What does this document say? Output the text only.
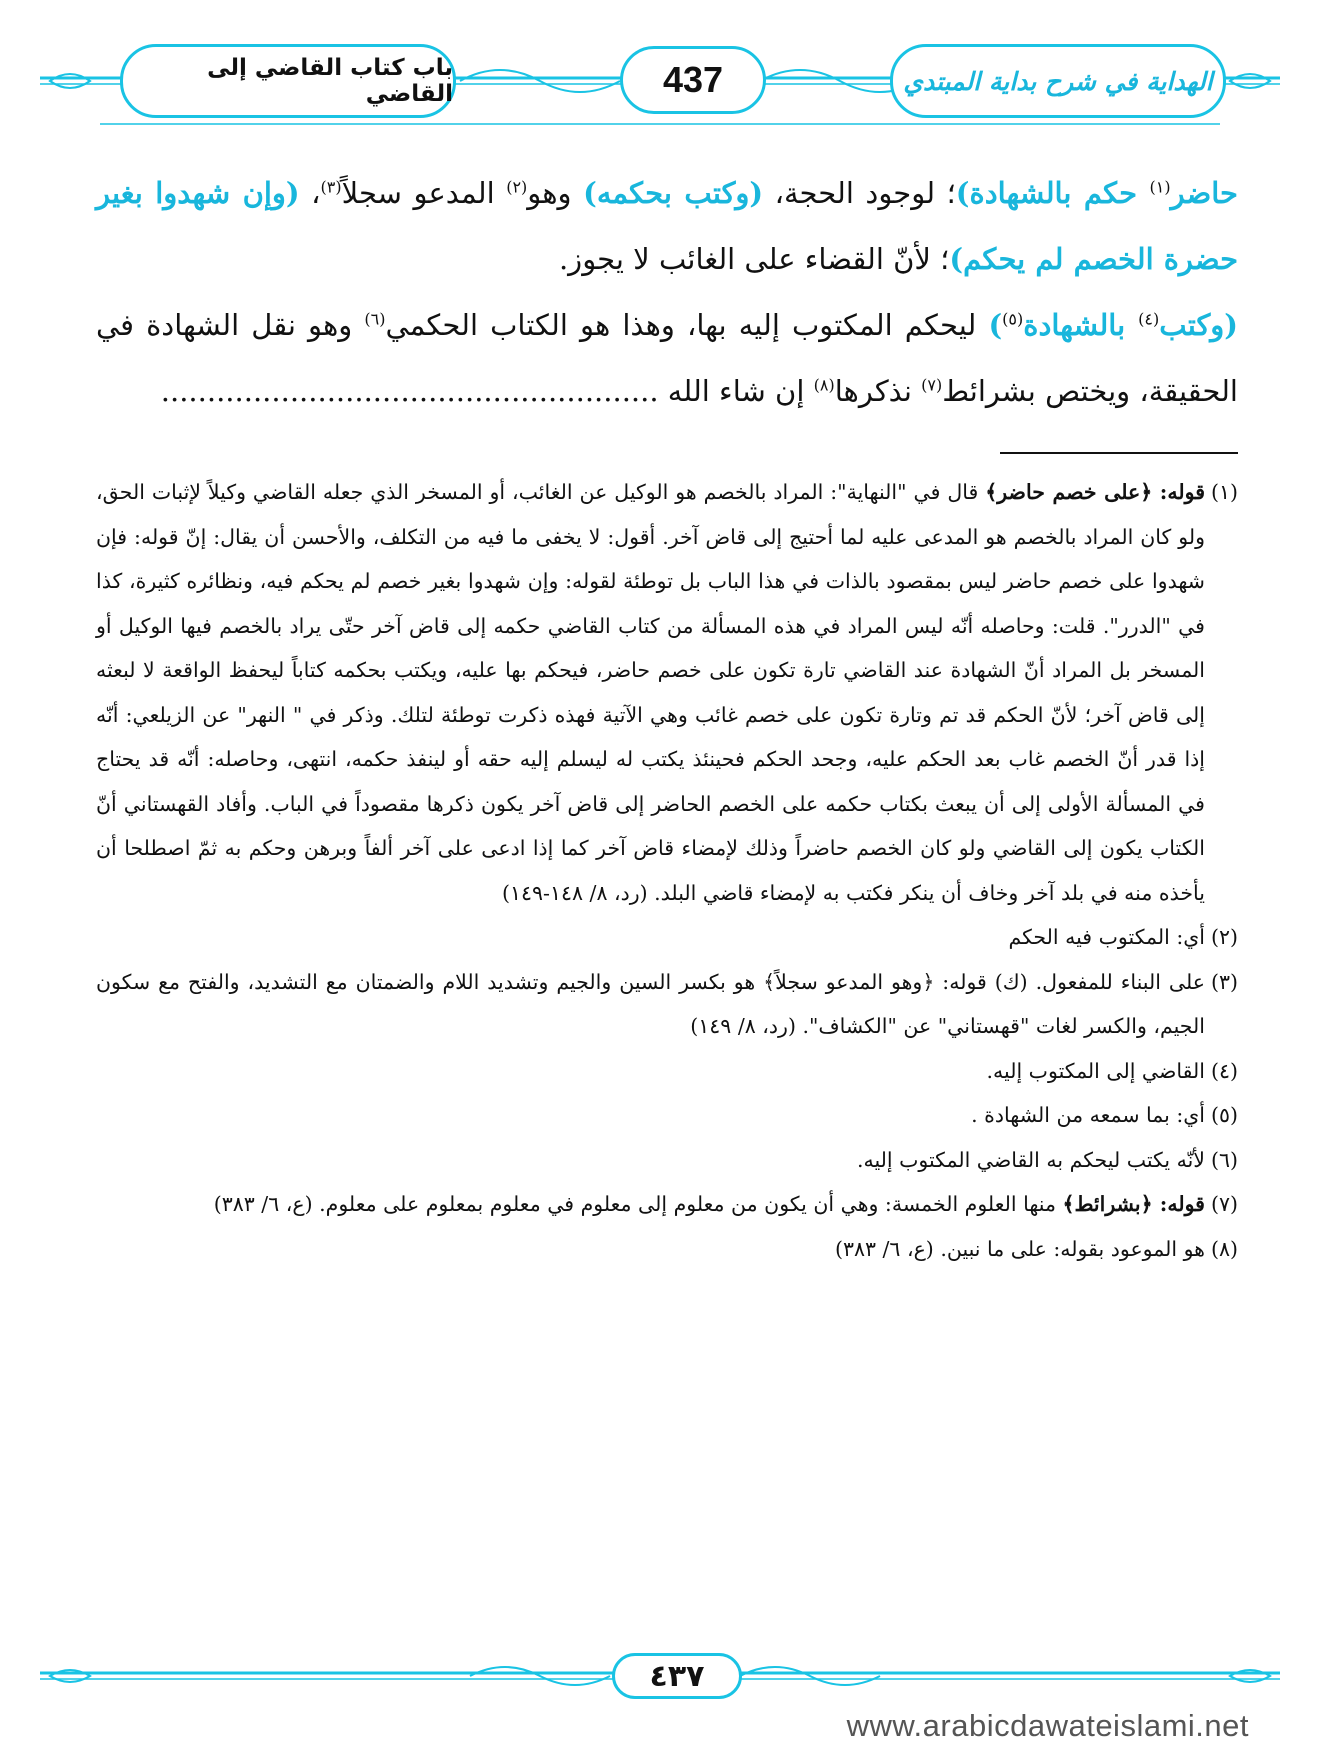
باب كتاب القاضي إلى القاضي	437	الهداية في شرح بداية المبتدي

حاضر$^{(١)}$ حكم بالشهادة)؛ لوجود الحجة، (وكتب بحكمه) وهو$^{(٢)}$ المدعو سجلاً$^{(٣)}$، (وإن شهدوا بغير حضرة الخصم لم يحكم)؛ لأنّ القضاء على الغائب لا يجوز.

(وكتب$^{(٤)}$ بالشهادة$^{(٥)}$) ليحكم المكتوب إليه بها، وهذا هو الكتاب الحكمي$^{(٦)}$ وهو نقل الشهادة في الحقيقة، ويختص بشرائط$^{(٧)}$ نذكرها$^{(٨)}$ إن شاء الله ......................................................

(١)
قوله: ﴿على خصم حاضر﴾ قال في "النهاية": المراد بالخصم هو الوكيل عن الغائب، أو المسخر الذي جعله القاضي وكيلاً لإثبات الحق، ولو كان المراد بالخصم هو المدعى عليه لما أحتيج إلى قاض آخر. أقول: لا يخفى ما فيه من التكلف، والأحسن أن يقال: إنّ قوله: فإن شهدوا على خصم حاضر ليس بمقصود بالذات في هذا الباب بل توطئة لقوله: وإن شهدوا بغير خصم لم يحكم فيه، ونظائره كثيرة، كذا في "الدرر". قلت: وحاصله أنّه ليس المراد في هذه المسألة من كتاب القاضي حكمه إلى قاض آخر حتّى يراد بالخصم فيها الوكيل أو المسخر بل المراد أنّ الشهادة عند القاضي تارة تكون على خصم حاضر، فيحكم بها عليه، ويكتب بحكمه كتاباً ليحفظ الواقعة لا لبعثه إلى قاض آخر؛ لأنّ الحكم قد تم وتارة تكون على خصم غائب وهي الآتية فهذه ذكرت توطئة لتلك. وذكر في " النهر" عن الزيلعي: أنّه إذا قدر أنّ الخصم غاب بعد الحكم عليه، وجحد الحكم فحينئذ يكتب له ليسلم إليه حقه أو لينفذ حكمه، انتهى، وحاصله: أنّه قد يحتاج في المسألة الأولى إلى أن يبعث بكتاب حكمه على الخصم الحاضر إلى قاض آخر يكون ذكرها مقصوداً في الباب. وأفاد القهستاني أنّ الكتاب يكون إلى القاضي ولو كان الخصم حاضراً وذلك لإمضاء قاض آخر كما إذا ادعى على آخر ألفاً وبرهن وحكم به ثمّ اصطلحا أن يأخذه منه في بلد آخر وخاف أن ينكر فكتب به لإمضاء قاضي البلد. (رد، ٨/ ١٤٨-١٤٩)
(٢)
أي: المكتوب فيه الحكم
(٣)
على البناء للمفعول. (ك) قوله: ﴿وهو المدعو سجلاً﴾ هو بكسر السين والجيم وتشديد اللام والضمتان مع التشديد، والفتح مع سكون الجيم، والكسر لغات "قهستاني" عن "الكشاف". (رد، ٨/ ١٤٩)
(٤)
القاضي إلى المكتوب إليه.
(٥)
أي: بما سمعه من الشهادة .
(٦)
لأنّه يكتب ليحكم به القاضي المكتوب إليه.
(٧)
قوله: ﴿بشرائط﴾ منها العلوم الخمسة: وهي أن يكون من معلوم إلى معلوم في معلوم بمعلوم على معلوم. (ع، ٦/ ٣٨٣)
(٨)
هو الموعود بقوله: على ما نبين. (ع، ٦/ ٣٨٣)
٤٣٧
www.arabicdawateislami.net
